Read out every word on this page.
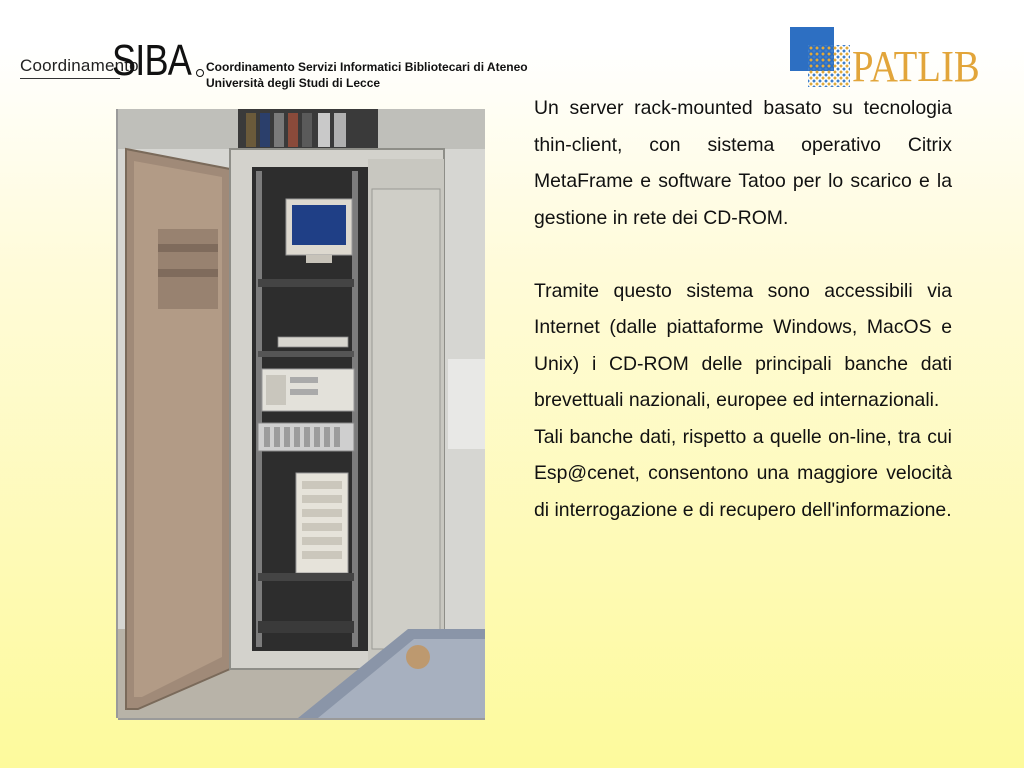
Coordinamento
SIBA Coordinamento Servizi Informatici Bibliotecari di Ateneo
Università degli Studi di Lecce	PATLIB

Un server rack-mounted basato su tecnologia thin-client, con sistema operativo Citrix MetaFrame e software Tatoo per lo scarico e la gestione in rete dei CD-ROM.

Tramite questo sistema sono accessibili via Internet (dalle piattaforme Windows, MacOS e Unix) i CD-ROM delle principali banche dati brevettuali nazionali, europee ed internazionali.

Tali banche dati, rispetto a quelle on-line, tra cui Esp@cenet, consentono una maggiore velocità di interrogazione e di recupero dell'informazione.
